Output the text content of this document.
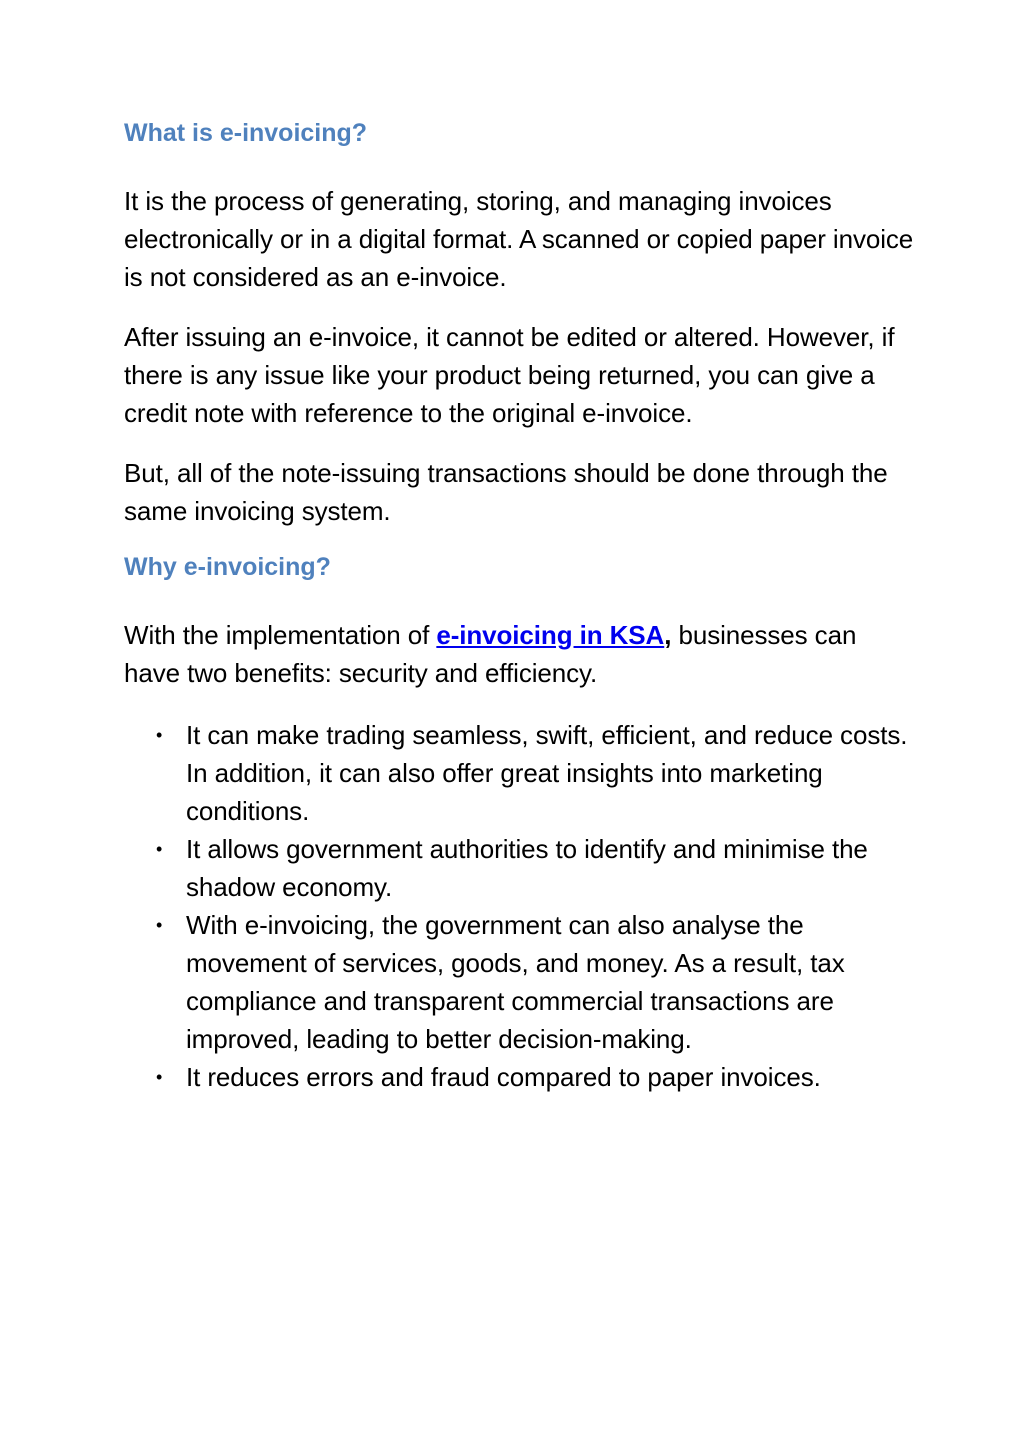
What is e-invoicing?

It is the process of generating, storing, and managing invoices electronically or in a digital format. A scanned or copied paper invoice is not considered as an e-invoice.

After issuing an e-invoice, it cannot be edited or altered. However, if there is any issue like your product being returned, you can give a credit note with reference to the original e-invoice.

But, all of the note-issuing transactions should be done through the same invoicing system.

Why e-invoicing?

With the implementation of e-invoicing in KSA, businesses can have two benefits: security and efficiency.

• It can make trading seamless, swift, efficient, and reduce costs. In addition, it can also offer great insights into marketing conditions.
• It allows government authorities to identify and minimise the shadow economy.
• With e-invoicing, the government can also analyse the movement of services, goods, and money. As a result, tax compliance and transparent commercial transactions are improved, leading to better decision-making.
• It reduces errors and fraud compared to paper invoices.
